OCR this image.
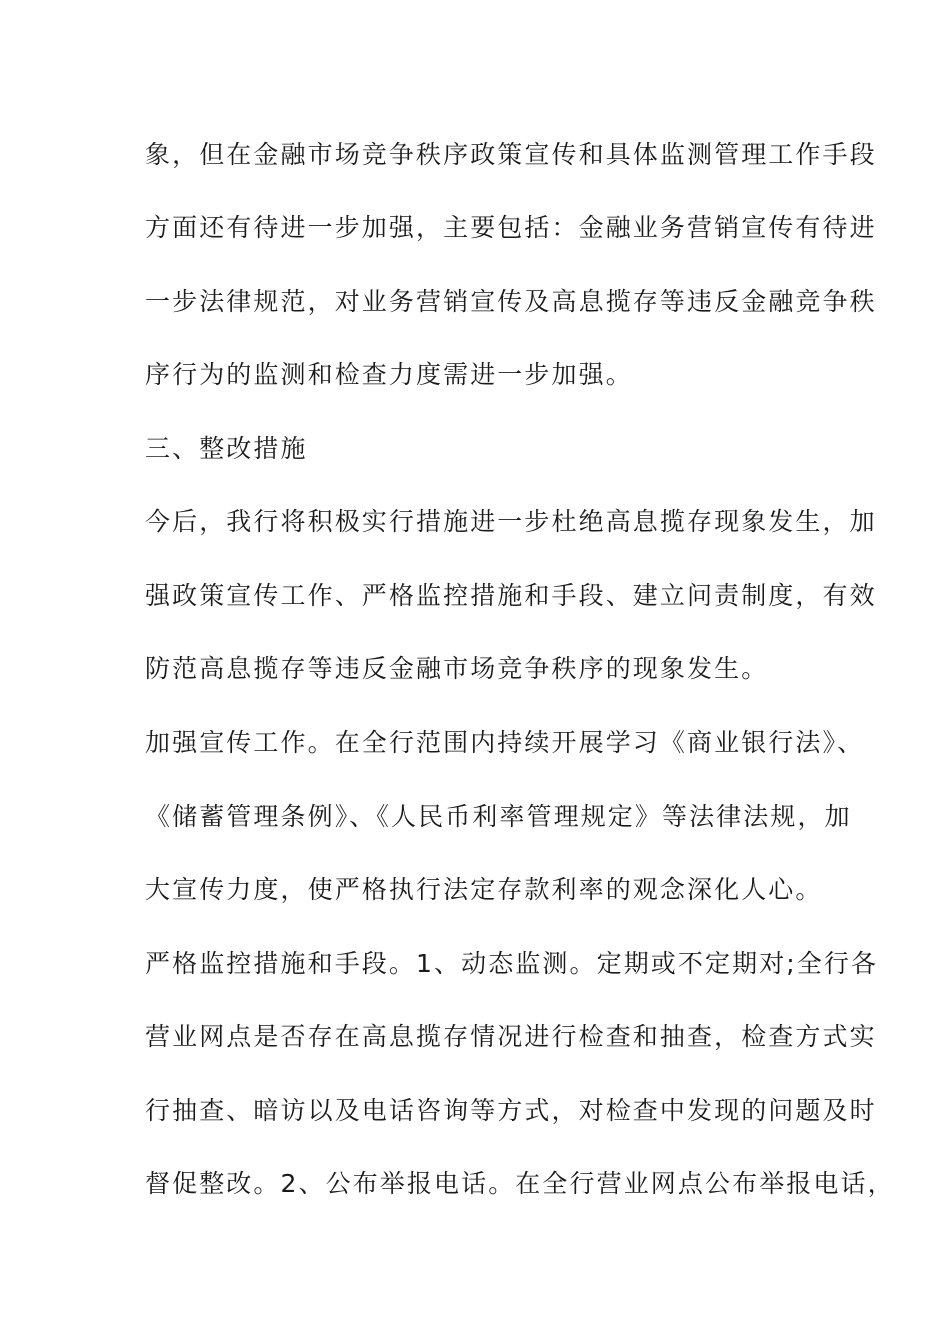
象，但在金融市场竞争秩序政策宣传和具体监测管理工作手段
方面还有待进一步加强，主要包括：金融业务营销宣传有待进
一步法律规范，对业务营销宣传及高息揽存等违反金融竞争秩
序行为的监测和检查力度需进一步加强。
三、整改措施
今后，我行将积极实行措施进一步杜绝高息揽存现象发生，加
强政策宣传工作、严格监控措施和手段、建立问责制度，有效
防范高息揽存等违反金融市场竞争秩序的现象发生。
加强宣传工作。在全行范围内持续开展学习《商业银行法》、
《储蓄管理条例》、《人民币利率管理规定》等法律法规，加
大宣传力度，使严格执行法定存款利率的观念深化人心。
严格监控措施和手段。1、动态监测。定期或不定期对;全行各
营业网点是否存在高息揽存情况进行检查和抽查，检查方式实
行抽查、暗访以及电话咨询等方式，对检查中发现的问题及时
督促整改。2、公布举报电话。在全行营业网点公布举报电话，
